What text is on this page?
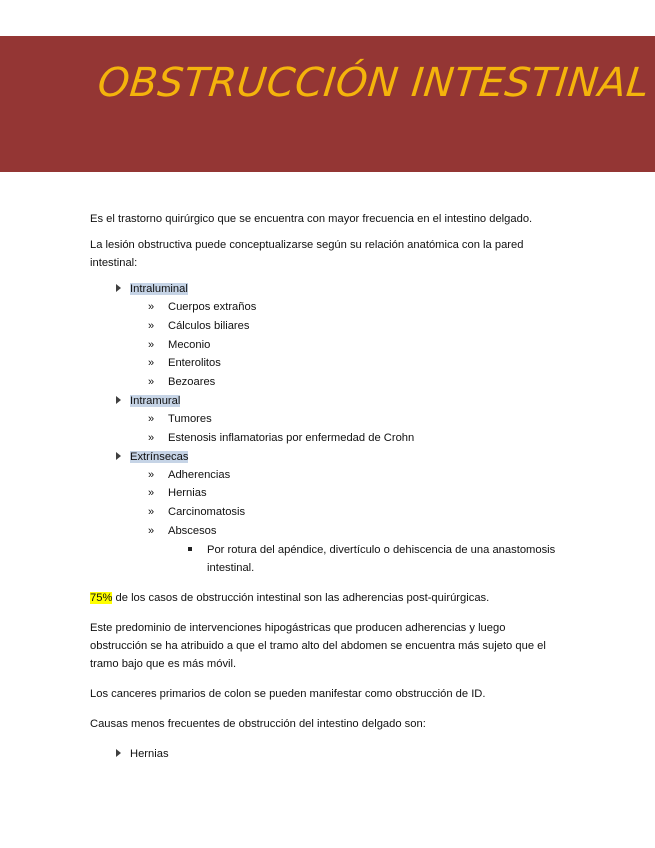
OBSTRUCCIÓN INTESTINAL

Es el trastorno quirúrgico que se encuentra con mayor frecuencia en el intestino delgado.

La lesión obstructiva puede conceptualizarse según su relación anatómica con la pared intestinal:

Intraluminal
» Cuerpos extraños
» Cálculos biliares
» Meconio
» Enterolitos
» Bezoares
Intramural
» Tumores
» Estenosis inflamatorias por enfermedad de Crohn
Extrínsecas
» Adherencias
» Hernias
» Carcinomatosis
» Abscesos
Por rotura del apéndice, divertículo o dehiscencia de una anastomosis intestinal.

75% de los casos de obstrucción intestinal son las adherencias post-quirúrgicas.

Este predominio de intervenciones hipogástricas que producen adherencias y luego obstrucción se ha atribuido a que el tramo alto del abdomen se encuentra más sujeto que el tramo bajo que es más móvil.

Los canceres primarios de colon se pueden manifestar como obstrucción de ID.

Causas menos frecuentes de obstrucción del intestino delgado son:

Hernias
